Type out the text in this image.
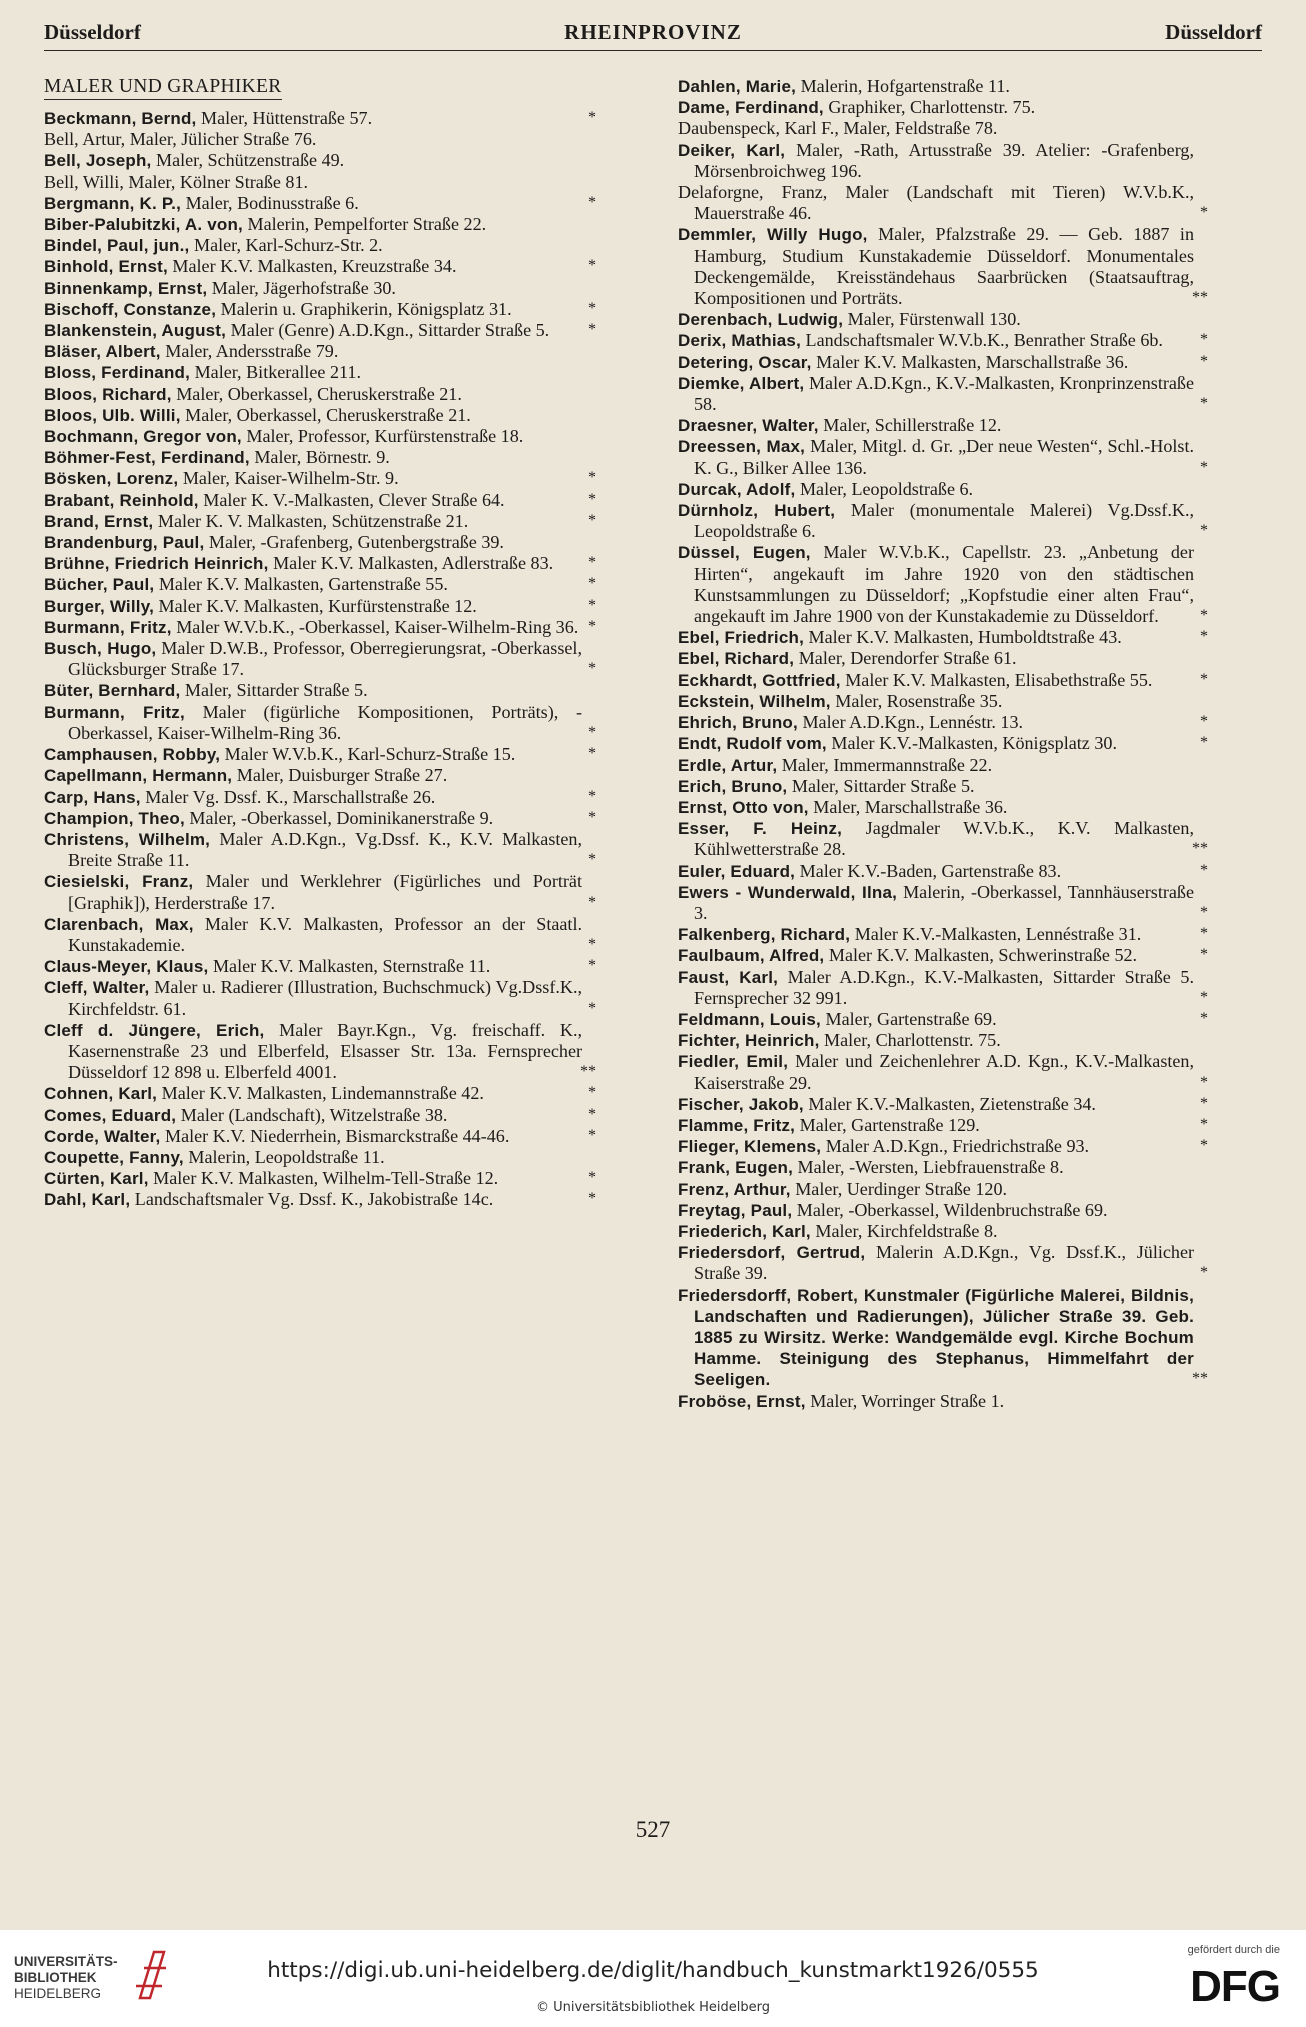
Düsseldorf	RHEINPROVINZ	Düsseldorf
MALER UND GRAPHIKER
Beckmann, Bernd, Maler, Hüttenstraße 57.	*
Bell, Artur, Maler, Jülicher Straße 76.
Bell, Joseph, Maler, Schützenstraße 49.
Bell, Willi, Maler, Kölner Straße 81.
Bergmann, K. P., Maler, Bodinusstraße 6.	*
Biber-Palubitzki, A. von, Malerin, Pempelforter Straße 22.
Bindel, Paul, jun., Maler, Karl-Schurz-Str. 2.
Binhold, Ernst, Maler K.V. Malkasten, Kreuzstraße 34.	*
Binnenkamp, Ernst, Maler, Jägerhofstraße 30.
Bischoff, Constanze, Malerin u. Graphikerin, Königsplatz 31.	*
Blankenstein, August, Maler (Genre) A.D.Kgn., Sittarder Straße 5. *
Bläser, Albert, Maler, Andersstraße 79.
Bloss, Ferdinand, Maler, Bitkerallee 211.
Bloos, Richard, Maler, Oberkassel, Cheruskerstraße 21.
Bloos, Ulb. Willi, Maler, Oberkassel, Cheruskerstraße 21.
Bochmann, Gregor von, Maler, Professor, Kurfürstenstraße 18.
Böhmer-Fest, Ferdinand, Maler, Börnestr. 9.
Bösken, Lorenz, Maler, Kaiser-Wilhelm-Str. 9.	*
Brabant, Reinhold, Maler K. V.-Malkasten, Clever Straße 64.	*
Brand, Ernst, Maler K. V. Malkasten, Schützenstraße 21.	*
Brandenburg, Paul, Maler, -Grafenberg, Gutenbergstraße 39.
Brühne, Friedrich Heinrich, Maler K.V. Malkasten, Adlerstraße 83. *
Bücher, Paul, Maler K.V. Malkasten, Gartenstraße 55.	*
Burger, Willy, Maler K.V. Malkasten, Kurfürstenstraße 12.	*
Burmann, Fritz, Maler W.V.b.K., -Oberkassel, Kaiser-Wilhelm-Ring 36. *
Busch, Hugo, Maler D.W.B., Professor, Oberregierungsrat, -Oberkassel, Glücksburger Straße 17.	*
Büter, Bernhard, Maler, Sittarder Straße 5.
Burmann, Fritz, Maler (figürliche Kompositionen, Porträts), -Oberkassel, Kaiser-Wilhelm-Ring 36.	*
Camphausen, Robby, Maler W.V.b.K., Karl-Schurz-Straße 15.	*
Capellmann, Hermann, Maler, Duisburger Straße 27.
Carp, Hans, Maler Vg. Dssf. K., Marschallstraße 26.	*
Champion, Theo, Maler, -Oberkassel, Dominikanerstraße 9.	*
Christens, Wilhelm, Maler A.D.Kgn., Vg.Dssf. K., K.V. Malkasten, Breite Straße 11.	*
Ciesielski, Franz, Maler und Werklehrer (Figürliches und Porträt [Graphik]), Herderstraße 17.	*
Clarenbach, Max, Maler K.V. Malkasten, Professor an der Staatl. Kunstakademie.	*
Claus-Meyer, Klaus, Maler K.V. Malkasten, Sternstraße 11.	*
Cleff, Walter, Maler u. Radierer (Illustration, Buchschmuck) Vg.Dssf.K., Kirchfeldstr. 61.	*
Cleff d. Jüngere, Erich, Maler Bayr.Kgn., Vg. freischaff. K., Kasernenstraße 23 und Elberfeld, Elsasser Str. 13a. Fernsprecher Düsseldorf 12 898 u. Elberfeld 4001.	**
Cohnen, Karl, Maler K.V. Malkasten, Lindemannstraße 42.	*
Comes, Eduard, Maler (Landschaft), Witzelstraße 38.	*
Corde, Walter, Maler K.V. Niederrhein, Bismarckstraße 44-46.	*
Coupette, Fanny, Malerin, Leopoldstraße 11.
Cürten, Karl, Maler K.V. Malkasten, Wilhelm-Tell-Straße 12.	*
Dahl, Karl, Landschaftsmaler Vg. Dssf. K., Jakobistraße 14c.	*
Dahlen, Marie, Malerin, Hofgartenstraße 11.
Dame, Ferdinand, Graphiker, Charlottenstr. 75.
Daubenspeck, Karl F., Maler, Feldstraße 78.
Deiker, Karl, Maler, -Rath, Artusstraße 39. Atelier: -Grafenberg, Mörsenbroichweg 196.
Delaforgne, Franz, Maler (Landschaft mit Tieren) W.V.b.K., Mauerstraße 46.	*
Demmler, Willy Hugo, Maler, Pfalzstraße 29. — Geb. 1887 in Hamburg, Studium Kunstakademie Düsseldorf. Monumentales Deckengemälde, Kreisständehaus Saarbrücken (Staatsauftrag, Kompositionen und Porträts.	**
Derenbach, Ludwig, Maler, Fürstenwall 130.
Derix, Mathias, Landschaftsmaler W.V.b.K., Benrather Straße 6b. *
Detering, Oscar, Maler K.V. Malkasten, Marschallstraße 36.	*
Diemke, Albert, Maler A.D.Kgn., K.V.-Malkasten, Kronprinzenstraße 58.	*
Draesner, Walter, Maler, Schillerstraße 12.
Dreessen, Max, Maler, Mitgl. d. Gr. „Der neue Westen“, Schl.-Holst. K. G., Bilker Allee 136.	*
Durcak, Adolf, Maler, Leopoldstraße 6.
Dürnholz, Hubert, Maler (monumentale Malerei) Vg.Dssf.K., Leopoldstraße 6.	*
Düssel, Eugen, Maler W.V.b.K., Capellstr. 23. „Anbetung der Hirten“, angekauft im Jahre 1920 von den städtischen Kunstsammlungen zu Düsseldorf; „Kopfstudie einer alten Frau“, angekauft im Jahre 1900 von der Kunstakademie zu Düsseldorf.	*
Ebel, Friedrich, Maler K.V. Malkasten, Humboldtstraße 43.	*
Ebel, Richard, Maler, Derendorfer Straße 61.
Eckhardt, Gottfried, Maler K.V. Malkasten, Elisabethstraße 55.	*
Eckstein, Wilhelm, Maler, Rosenstraße 35.
Ehrich, Bruno, Maler A.D.Kgn., Lennéstr. 13.	*
Endt, Rudolf vom, Maler K.V.-Malkasten, Königsplatz 30.	*
Erdle, Artur, Maler, Immermannstraße 22.
Erich, Bruno, Maler, Sittarder Straße 5.
Ernst, Otto von, Maler, Marschallstraße 36.
Esser, F. Heinz, Jagdmaler W.V.b.K., K.V. Malkasten, Kühlwetterstraße 28.	**
Euler, Eduard, Maler K.V.-Baden, Gartenstraße 83.	*
Ewers - Wunderwald, Ilna, Malerin, -Oberkassel, Tannhäuserstraße 3.	*
Falkenberg, Richard, Maler K.V.-Malkasten, Lennéstraße 31.	*
Faulbaum, Alfred, Maler K.V. Malkasten, Schwerinstraße 52.	*
Faust, Karl, Maler A.D.Kgn., K.V.-Malkasten, Sittarder Straße 5. Fernsprecher 32 991.	*
Feldmann, Louis, Maler, Gartenstraße 69.	*
Fichter, Heinrich, Maler, Charlottenstr. 75.
Fiedler, Emil, Maler und Zeichenlehrer A.D. Kgn., K.V.-Malkasten, Kaiserstraße 29.	*
Fischer, Jakob, Maler K.V.-Malkasten, Zietenstraße 34.	*
Flamme, Fritz, Maler, Gartenstraße 129.	*
Flieger, Klemens, Maler A.D.Kgn., Friedrichstraße 93.	*
Frank, Eugen, Maler, -Wersten, Liebfrauenstraße 8.
Frenz, Arthur, Maler, Uerdinger Straße 120.
Freytag, Paul, Maler, -Oberkassel, Wildenbruchstraße 69.
Friederich, Karl, Maler, Kirchfeldstraße 8.
Friedersdorf, Gertrud, Malerin A.D.Kgn., Vg. Dssf.K., Jülicher Straße 39.	*
Friedersdorff, Robert, Kunstmaler (Figürliche Malerei, Bildnis, Landschaften und Radierungen), Jülicher Straße 39. Geb. 1885 zu Wirsitz. Werke: Wandgemälde evgl. Kirche Bochum Hamme. Steinigung des Stephanus, Himmelfahrt der Seeligen.	**
Froböse, Ernst, Maler, Worringer Straße 1.
527
UNIVERSITÄTS-
BIBLIOTHEK
HEIDELBERG
https://digi.ub.uni-heidelberg.de/diglit/handbuch_kunstmarkt1926/0555
© Universitätsbibliothek Heidelberg
gefördert durch die
DFG
